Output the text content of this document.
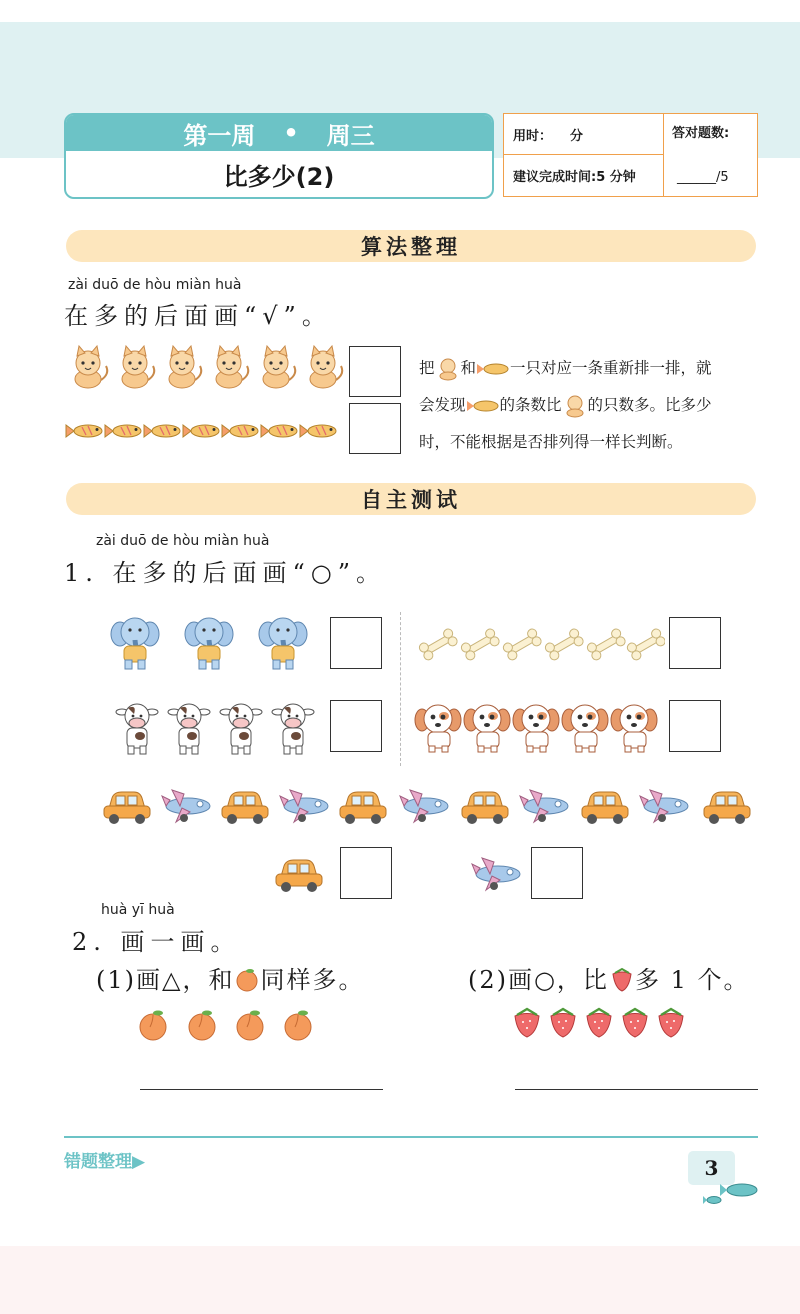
第一周 • 周三
比多少(2)
用时： 分
建议完成时间:5 分钟
答对题数:
______/5
算法整理
zài duō de hòu miàn huà
在多的后面画“√”。
把 和 一只对应一条重新排一排，就
会发现 的条数比 的只数多。比多少
时，不能根据是否排列得一样长判断。
自主测试
zài duō de hòu miàn huà
1. 在多的后面画“○”。
huà yī huà
2. 画一画。
(1)画△，和 同样多。	(2)画○，比 多 1 个。
错题整理▶	3
